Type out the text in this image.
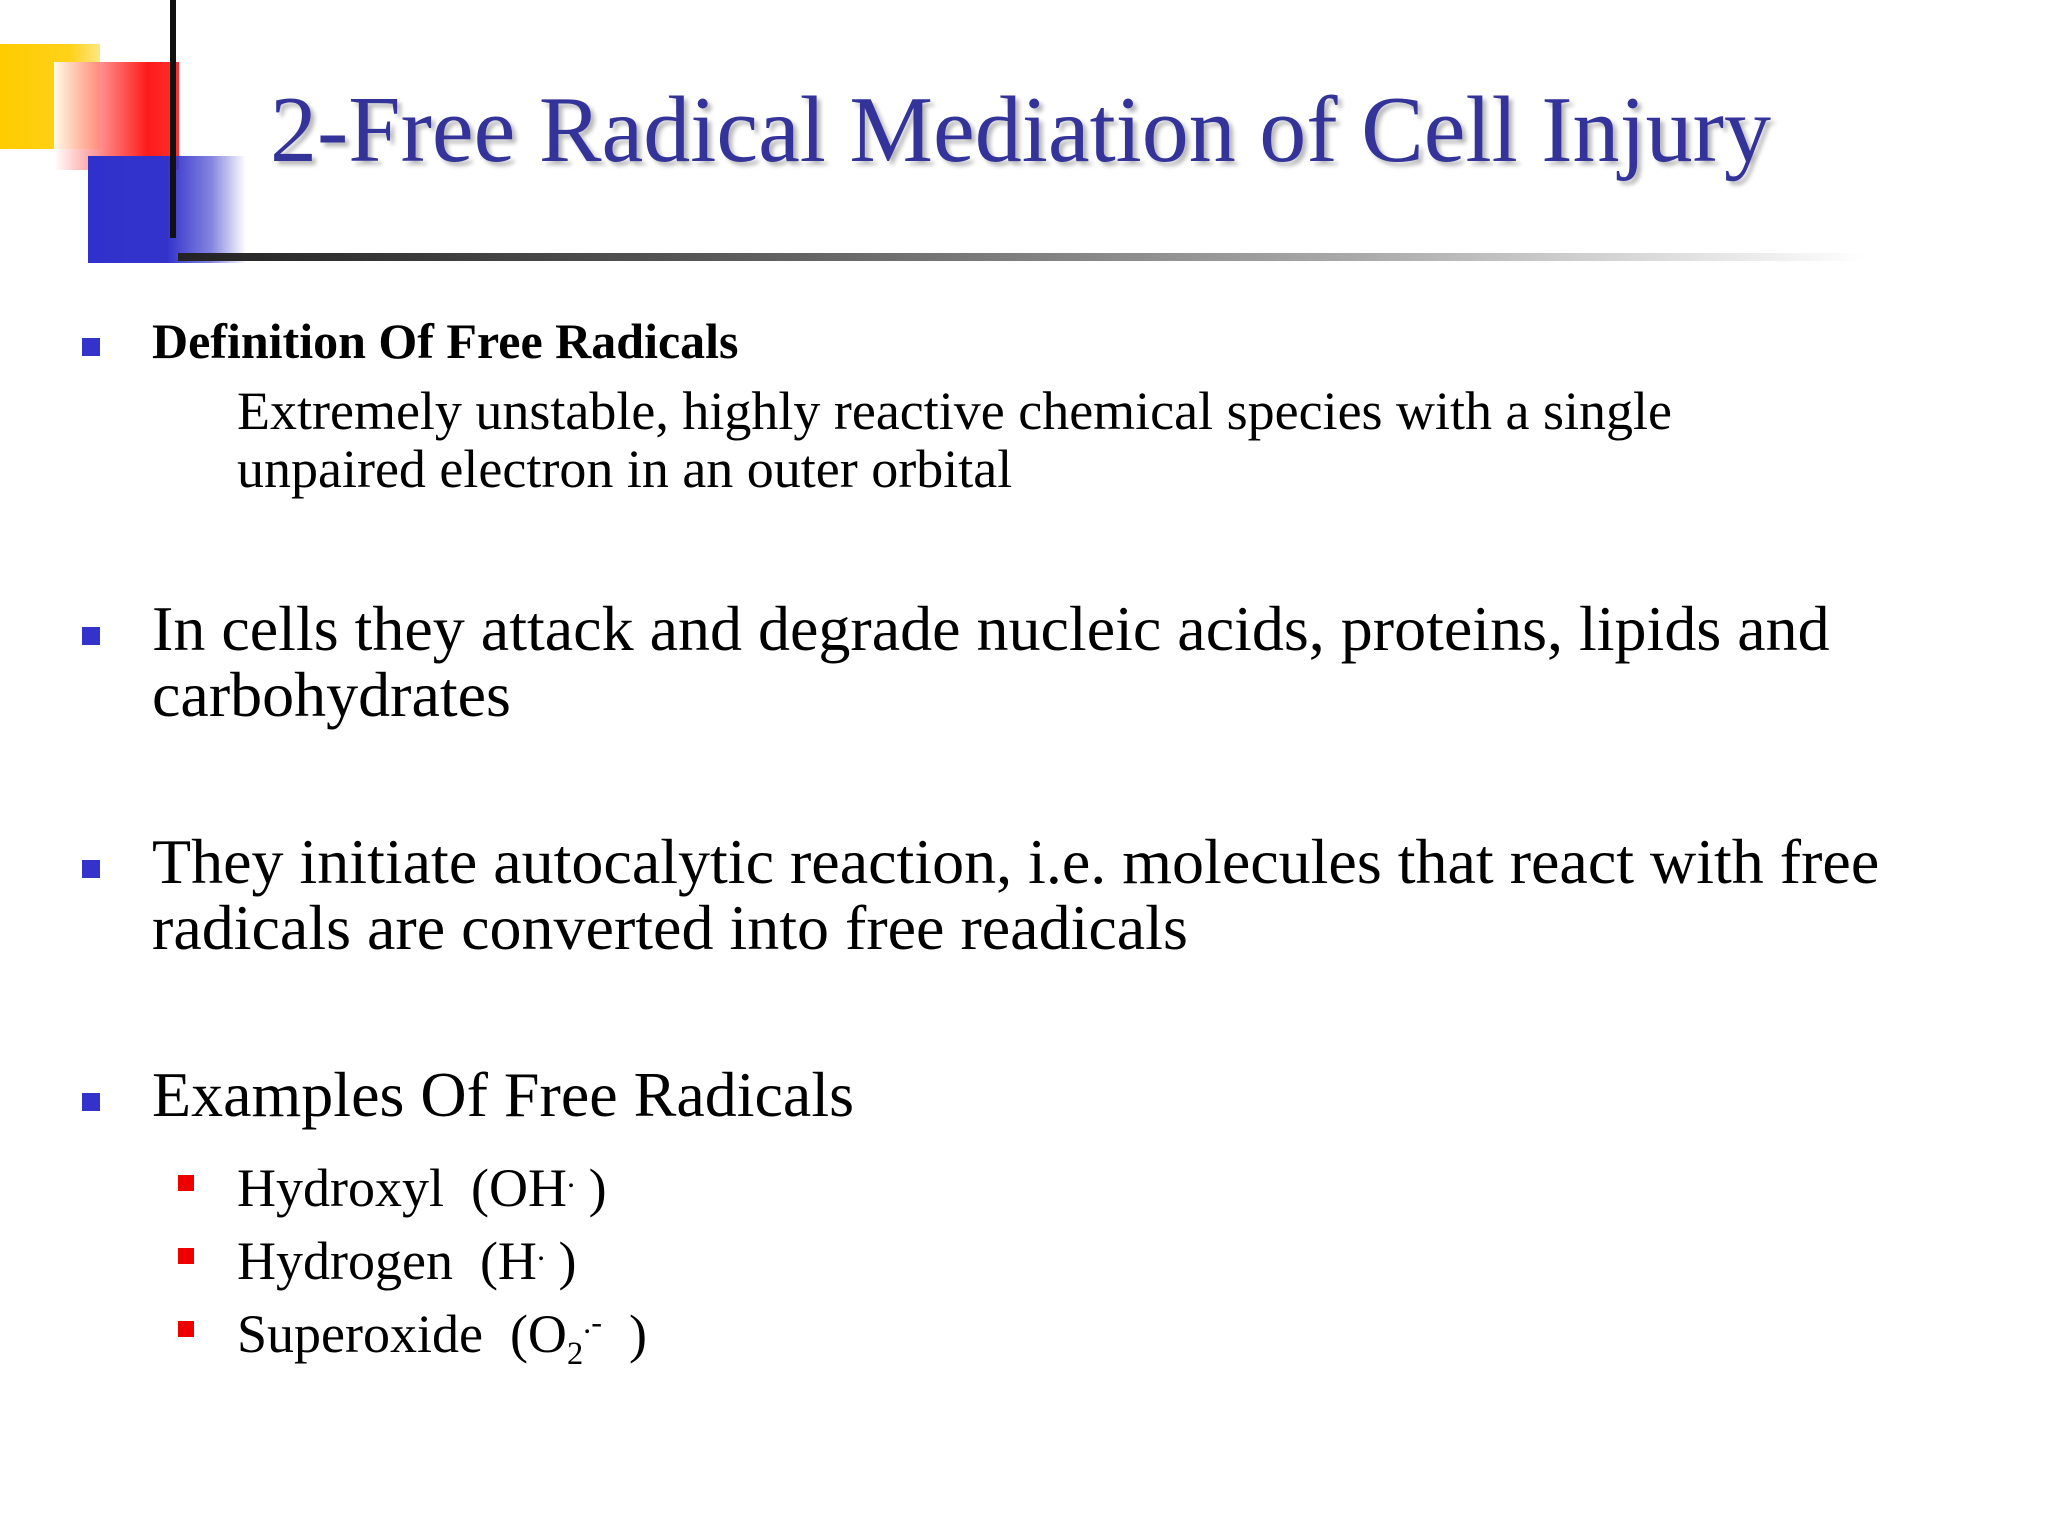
2-Free Radical Mediation of Cell Injury
Definition Of Free Radicals
Extremely unstable, highly reactive chemical species with a single
unpaired electron in an outer orbital
In cells they attack and degrade nucleic acids, proteins, lipids and
carbohydrates
They initiate autocalytic reaction, i.e. molecules that react with free
radicals are converted into free readicals
Examples Of Free Radicals
Hydroxyl (OH. )
Hydrogen (H. )
Superoxide ($O_2^{.-}$ )
